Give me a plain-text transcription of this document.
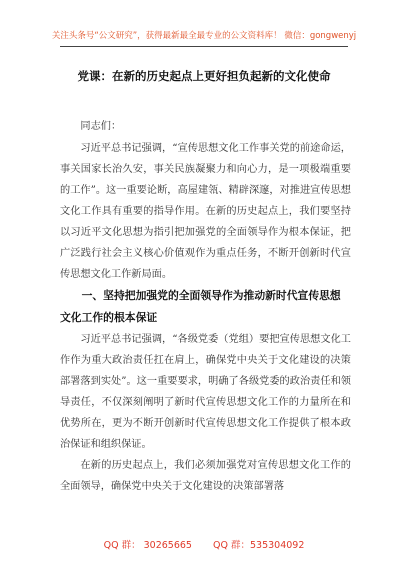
关注头条号“公文研究”，获得最新最全最专业的公文资料库！ 微信：gongwenyj
党课：在新的历史起点上更好担负起新的文化使命

同志们：

习近平总书记强调，“宣传思想文化工作事关党的前途命运，事关国家长治久安，事关民族凝聚力和向心力，是一项极端重要的工作”。这一重要论断，高屋建瓴、精辟深邃，对推进宣传思想文化工作具有重要的指导作用。在新的历史起点上，我们要坚持以习近平文化思想为指引把加强党的全面领导作为根本保证，把广泛践行社会主义核心价值观作为重点任务，不断开创新时代宣传思想文化工作新局面。

一、坚持把加强党的全面领导作为推动新时代宣传思想文化工作的根本保证

习近平总书记强调，“各级党委（党组）要把宣传思想文化工作作为重大政治责任扛在肩上，确保党中央关于文化建设的决策部署落到实处”。这一重要要求，明确了各级党委的政治责任和领导责任，不仅深刻阐明了新时代宣传思想文化工作的力量所在和优势所在，更为不断开创新时代宣传思想文化工作提供了根本政治保证和组织保证。

在新的历史起点上，我们必须加强党对宣传思想文化工作的全面领导，确保党中央关于文化建设的决策部署落

QQ 群： 30265665 QQ 群：535304092
